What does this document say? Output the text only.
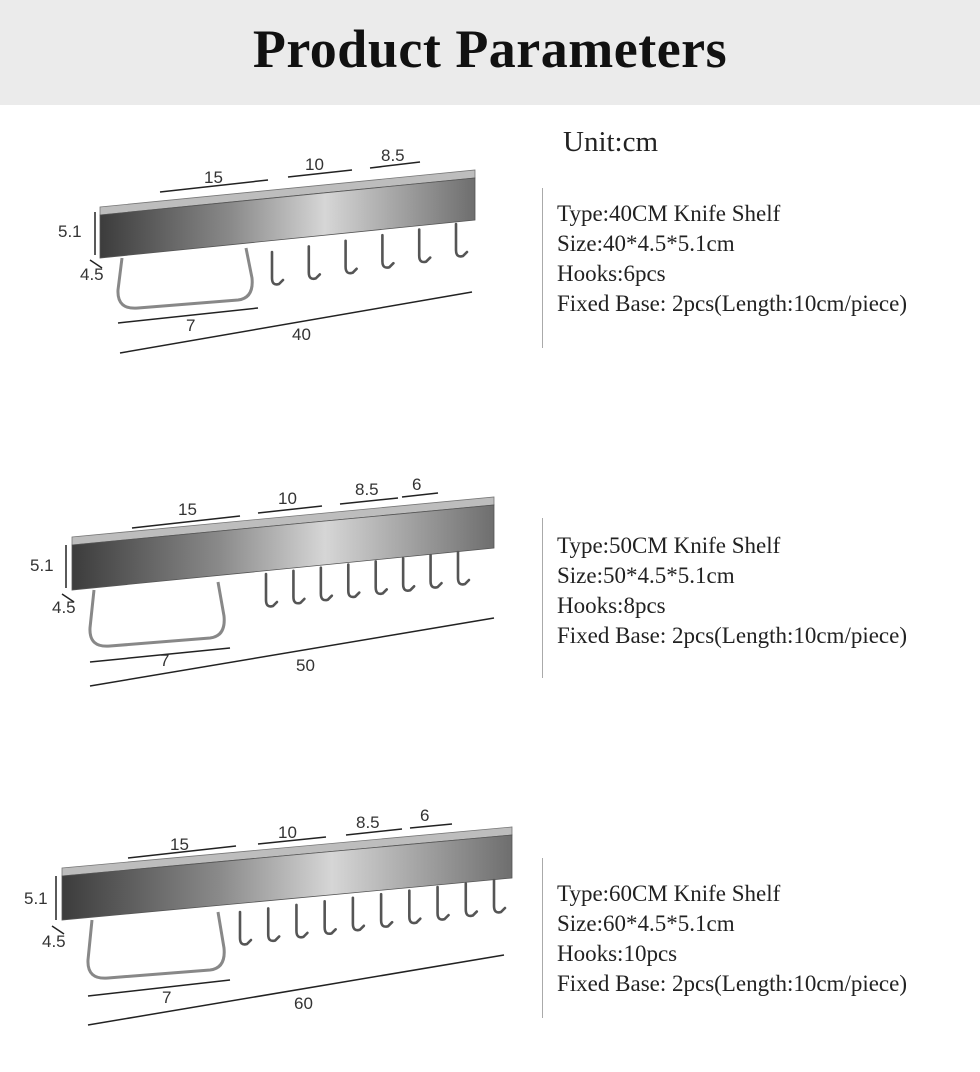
Product Parameters
Unit:cm
15
10	8.5
5.1
4.5
7	40
Type:40CM Knife Shelf
Size:40*4.5*5.1cm
Hooks:6pcs
Fixed Base: 2pcs(Length:10cm/piece)
15
10	8.5 6
5.1
4.5
7	50
Type:50CM Knife Shelf
Size:50*4.5*5.1cm
Hooks:8pcs
Fixed Base: 2pcs(Length:10cm/piece)
15
10
8.5 6
5.1
4.5
7	60
Type:60CM Knife Shelf
Size:60*4.5*5.1cm
Hooks:10pcs
Fixed Base: 2pcs(Length:10cm/piece)
